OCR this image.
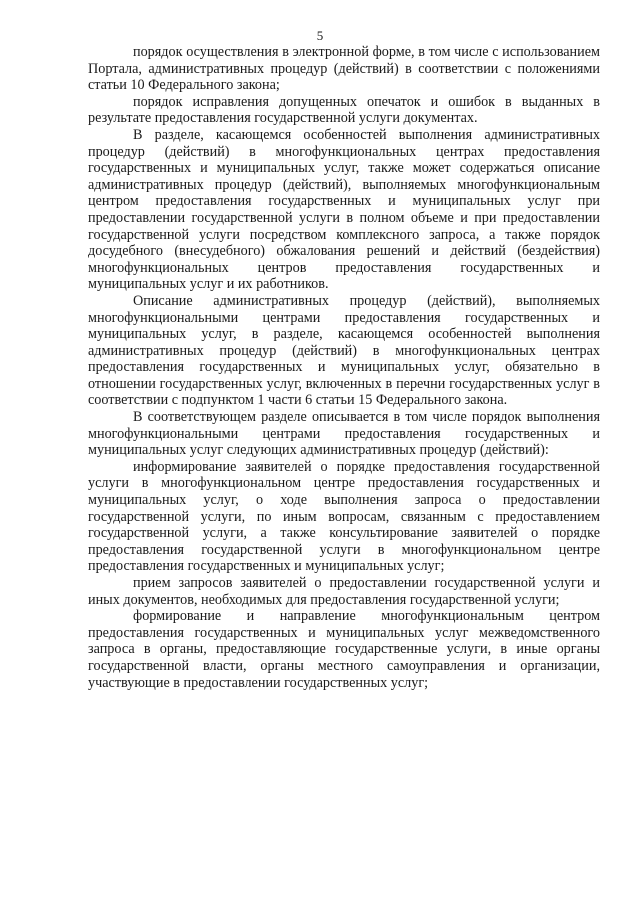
5

порядок осуществления в электронной форме, в том числе с использованием Портала, административных процедур (действий) в соответствии с положениями статьи 10 Федерального закона;

порядок исправления допущенных опечаток и ошибок в выданных в результате предоставления государственной услуги документах.

В разделе, касающемся особенностей выполнения административных процедур (действий) в многофункциональных центрах предоставления государственных и муниципальных услуг, также может содержаться описание административных процедур (действий), выполняемых многофункциональным центром предоставления государственных и муниципальных услуг при предоставлении государственной услуги в полном объеме и при предоставлении государственной услуги посредством комплексного запроса, а также порядок досудебного (внесудебного) обжалования решений и действий (бездействия) многофункциональных центров предоставления государственных и муниципальных услуг и их работников.

Описание административных процедур (действий), выполняемых многофункциональными центрами предоставления государственных и муниципальных услуг, в разделе, касающемся особенностей выполнения административных процедур (действий) в многофункциональных центрах предоставления государственных и муниципальных услуг, обязательно в отношении государственных услуг, включенных в перечни государственных услуг в соответствии с подпунктом 1 части 6 статьи 15 Федерального закона.

В соответствующем разделе описывается в том числе порядок выполнения многофункциональными центрами предоставления государственных и муниципальных услуг следующих административных процедур (действий):

информирование заявителей о порядке предоставления государственной услуги в многофункциональном центре предоставления государственных и муниципальных услуг, о ходе выполнения запроса о предоставлении государственной услуги, по иным вопросам, связанным с предоставлением государственной услуги, а также консультирование заявителей о порядке предоставления государственной услуги в многофункциональном центре предоставления государственных и муниципальных услуг;

прием запросов заявителей о предоставлении государственной услуги и иных документов, необходимых для предоставления государственной услуги;

формирование и направление многофункциональным центром предоставления государственных и муниципальных услуг межведомственного запроса в органы, предоставляющие государственные услуги, в иные органы государственной власти, органы местного самоуправления и организации, участвующие в предоставлении государственных услуг;
